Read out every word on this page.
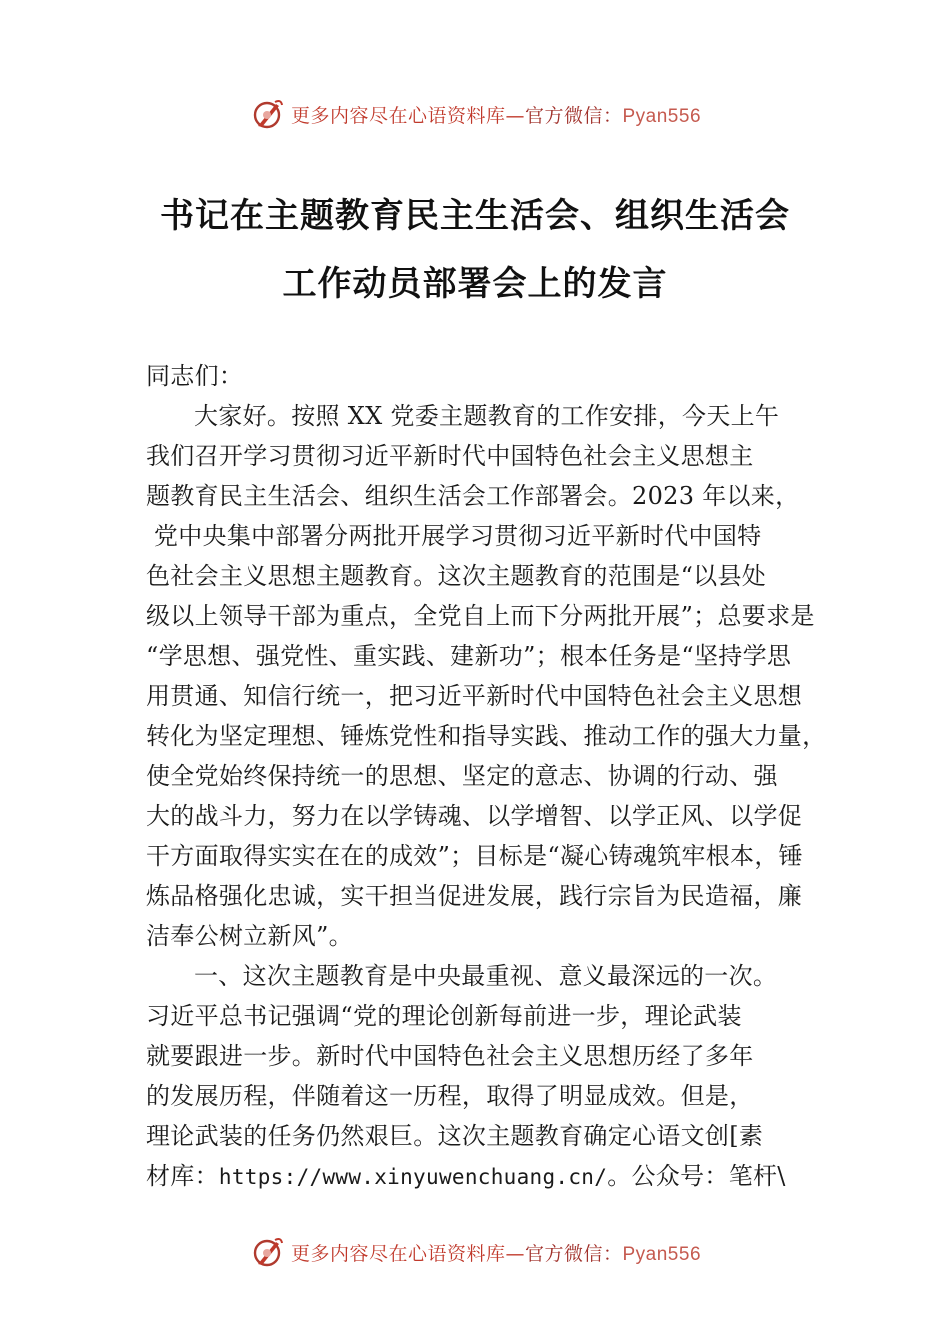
更多内容尽在心语资料库—官方微信：Pyan556
书记在主题教育民主生活会、组织生活会
工作动员部署会上的发言
同志们：
大家好。按照 XX 党委主题教育的工作安排，今天上午
我们召开学习贯彻习近平新时代中国特色社会主义思想主
题教育民主生活会、组织生活会工作部署会。2023 年以来，
党中央集中部署分两批开展学习贯彻习近平新时代中国特
色社会主义思想主题教育。这次主题教育的范围是“以县处
级以上领导干部为重点，全党自上而下分两批开展”；总要求是
“学思想、强党性、重实践、建新功”；根本任务是“坚持学思
用贯通、知信行统一，把习近平新时代中国特色社会主义思想
转化为坚定理想、锤炼党性和指导实践、推动工作的强大力量，
使全党始终保持统一的思想、坚定的意志、协调的行动、强
大的战斗力，努力在以学铸魂、以学增智、以学正风、以学促
干方面取得实实在在的成效”；目标是“凝心铸魂筑牢根本，锤
炼品格强化忠诚，实干担当促进发展，践行宗旨为民造福，廉
洁奉公树立新风”。
一、这次主题教育是中央最重视、意义最深远的一次。
习近平总书记强调“党的理论创新每前进一步，理论武装
就要跟进一步。新时代中国特色社会主义思想历经了多年
的发展历程，伴随着这一历程，取得了明显成效。但是，
理论武装的任务仍然艰巨。这次主题教育确定心语文创[素
材库：https://www.xinyuwenchuang.cn/。公众号：笔杆\
更多内容尽在心语资料库—官方微信：Pyan556
